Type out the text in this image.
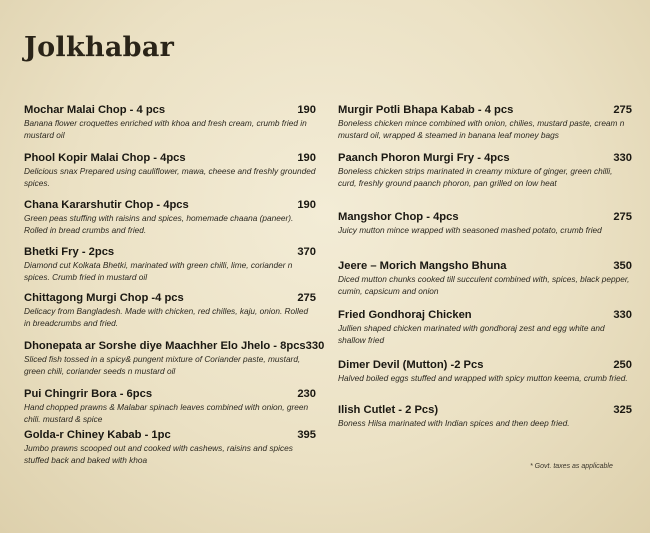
Jolkhabar
Mochar Malai Chop - 4 pcs	190
Banana flower croquettes enriched with khoa and fresh cream, crumb fried in mustard oil
Phool Kopir Malai Chop - 4pcs	190
Delicious snax Prepared using cauliflower, mawa, cheese and freshly grounded spices.
Chana Kararshutir Chop - 4pcs	190
Green peas stuffing with raisins and spices, homemade chaana (paneer). Rolled in bread crumbs and fried.
Bhetki Fry - 2pcs	370
Diamond cut Kolkata Bhetki, marinated with green chilli, lime, coriander n spices. Crumb fried in mustard oil
Chittagong Murgi Chop -4 pcs	275
Delicacy from Bangladesh. Made with chicken, red chilles, kaju, onion. Rolled in breadcrumbs and fried.
Dhonepata ar Sorshe diye Maachher Elo Jhelo - 8pcs 330
Sliced fish tossed in a spicy& pungent mixture of Coriander paste, mustard, green chili, coriander seeds n mustard oil
Pui Chingrir Bora - 6pcs	230
Hand chopped prawns & Malabar spinach leaves combined with onion, green chili. mustard & spice
Golda-r Chiney Kabab - 1pc	395
Jumbo prawns scooped out and cooked with cashews, raisins and spices stuffed back and baked with khoa
Murgir Potli Bhapa Kabab - 4 pcs	275
Boneless chicken mince combined with onion, chilies, mustard paste, cream n mustard oil, wrapped & steamed in banana leaf money bags
Paanch Phoron Murgi Fry - 4pcs	330
Boneless chicken strips marinated in creamy mixture of ginger, green chilli, curd, freshly ground paanch phoron, pan grilled on low heat
Mangshor Chop - 4pcs	275
Juicy mutton mince wrapped with seasoned mashed potato, crumb fried
Jeere – Morich Mangsho Bhuna	350
Diced mutton chunks cooked till succulent combined with, spices, black pepper, cumin, capsicum and onion
Fried Gondhoraj Chicken	330
Jullien shaped chicken marinated with gondhoraj zest and egg white and shallow fried
Dimer Devil (Mutton) -2 Pcs	250
Halved boiled eggs stuffed and wrapped with spicy mutton keema, crumb fried.
Ilish Cutlet - 2 Pcs)	325
Boness Hilsa marinated with Indian spices and then deep fried.
* Govt. taxes as applicable
